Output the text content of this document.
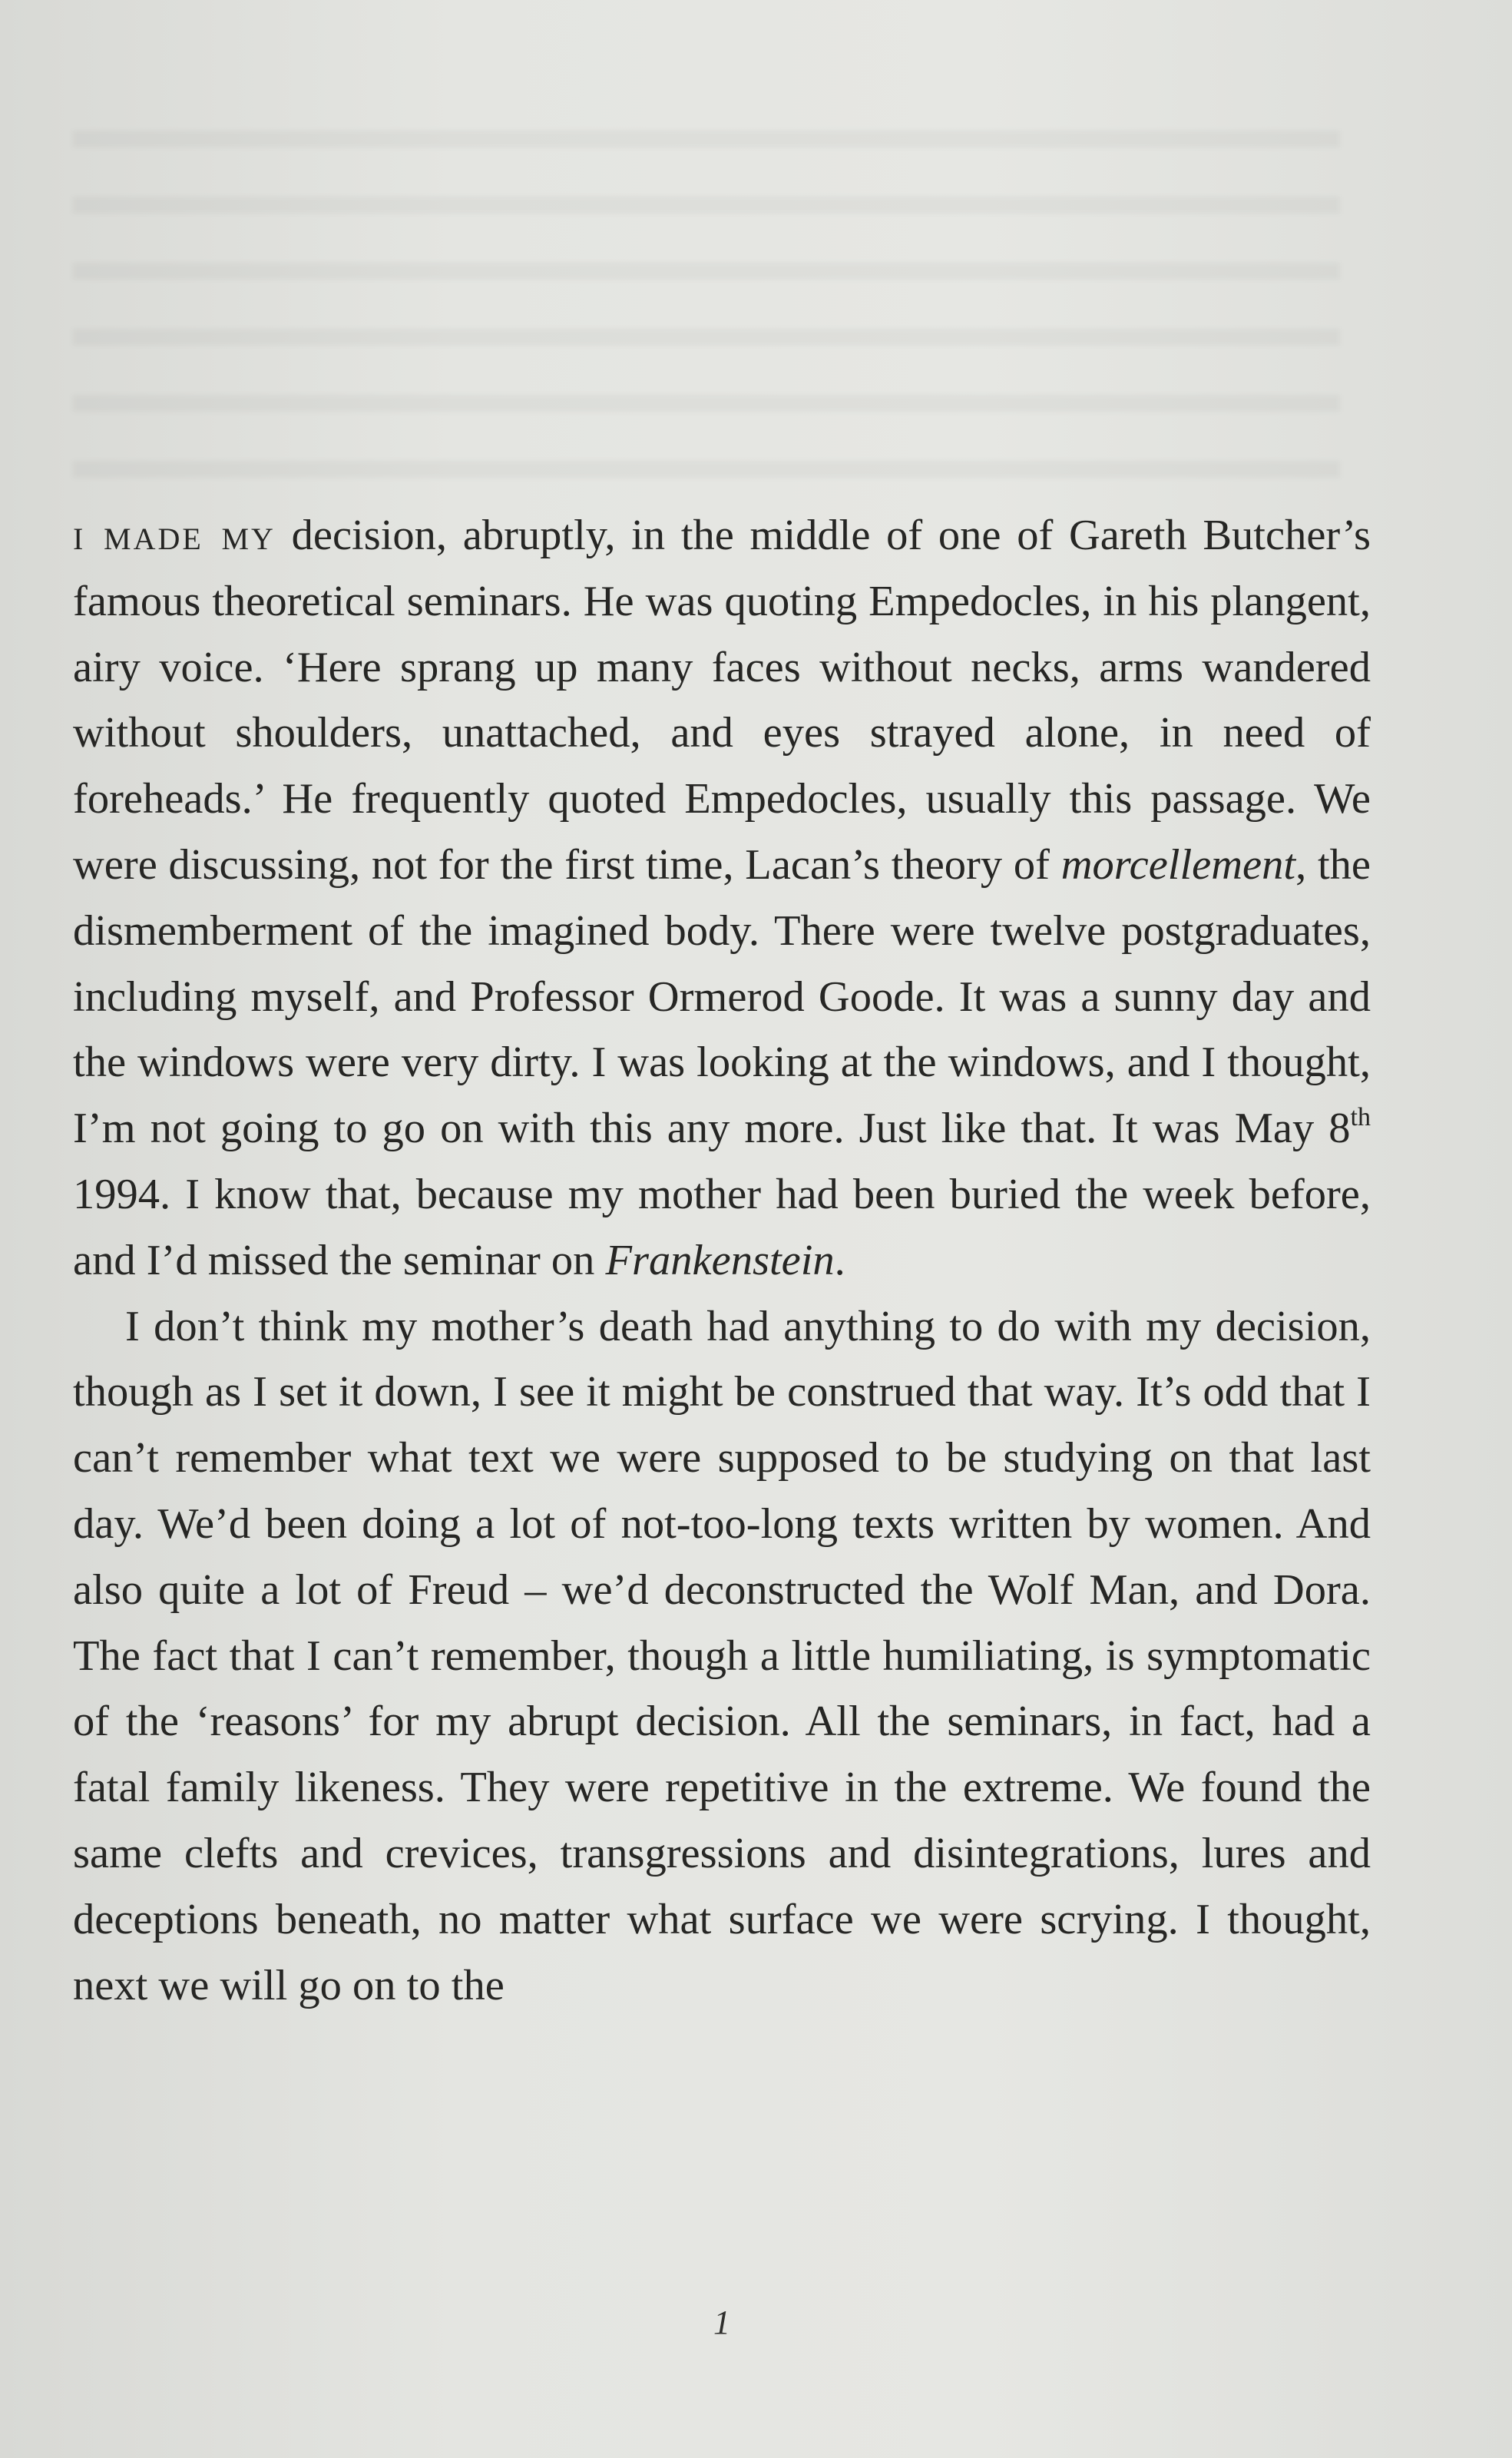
i made my decision, abruptly, in the middle of one of Gareth Butcher’s famous theoretical seminars. He was quoting Empedocles, in his plangent, airy voice. ‘Here sprang up many faces without necks, arms wandered without shoulders, unattached, and eyes strayed alone, in need of foreheads.’ He frequently quoted Empedocles, usually this passage. We were discussing, not for the first time, Lacan’s theory of morcellement, the dismemberment of the imagined body. There were twelve postgraduates, including myself, and Professor Ormerod Goode. It was a sunny day and the windows were very dirty. I was looking at the windows, and I thought, I’m not going to go on with this any more. Just like that. It was May 8th 1994. I know that, because my mother had been buried the week before, and I’d missed the seminar on Frankenstein.

I don’t think my mother’s death had anything to do with my decision, though as I set it down, I see it might be construed that way. It’s odd that I can’t remember what text we were supposed to be studying on that last day. We’d been doing a lot of not-too-long texts written by women. And also quite a lot of Freud – we’d deconstructed the Wolf Man, and Dora. The fact that I can’t remember, though a little humiliating, is symptomatic of the ‘reasons’ for my abrupt decision. All the seminars, in fact, had a fatal family likeness. They were repetitive in the extreme. We found the same clefts and crevices, transgressions and disintegrations, lures and deceptions beneath, no matter what surface we were scrying. I thought, next we will go on to the

1
